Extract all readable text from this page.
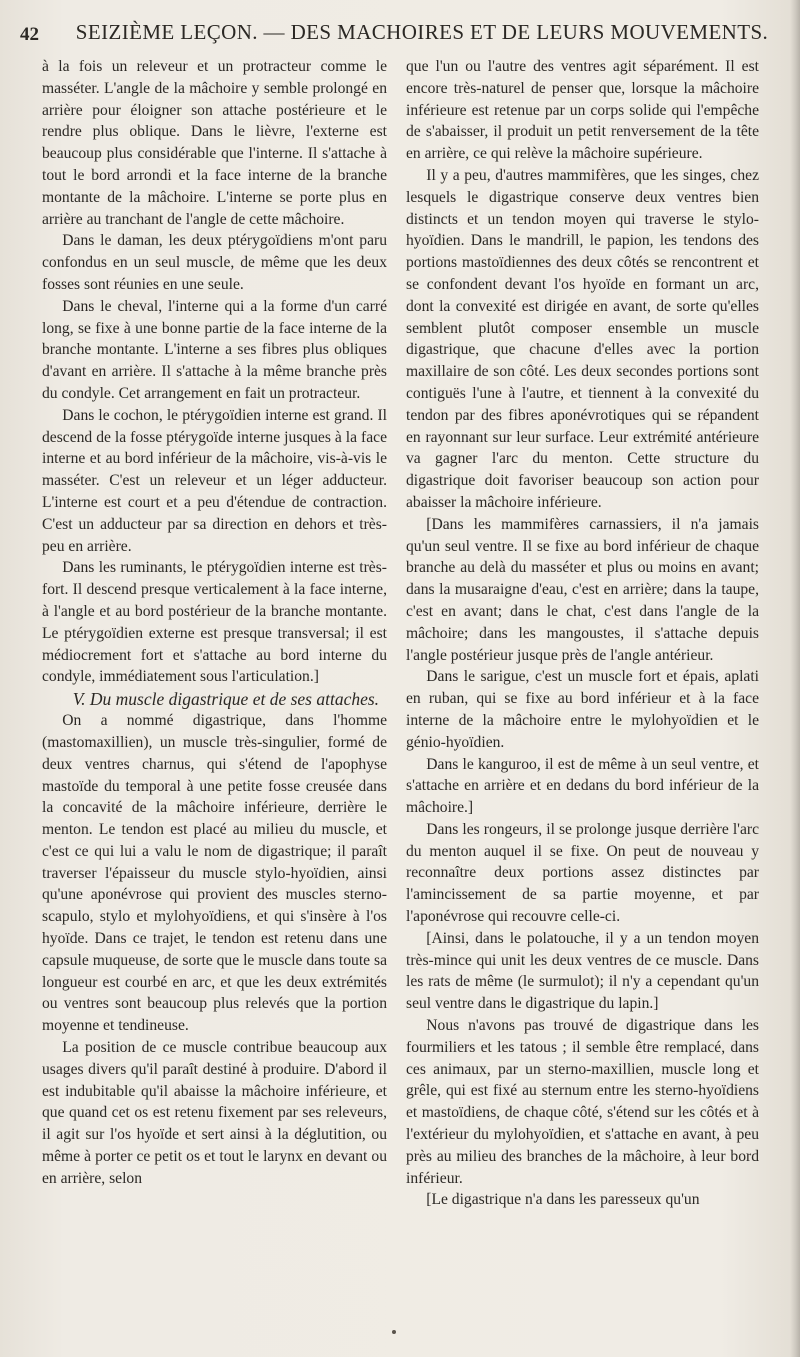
42	SEIZIÈME LEÇON. — DES MACHOIRES ET DE LEURS MOUVEMENTS.

à la fois un releveur et un protracteur comme le masséter. L'angle de la mâchoire y semble prolongé en arrière pour éloigner son attache postérieure et le rendre plus oblique. Dans le lièvre, l'externe est beaucoup plus considérable que l'interne. Il s'attache à tout le bord arrondi et la face interne de la branche montante de la mâchoire. L'interne se porte plus en arrière au tranchant de l'angle de cette mâchoire.

Dans le daman, les deux ptérygoïdiens m'ont paru confondus en un seul muscle, de même que les deux fosses sont réunies en une seule.

Dans le cheval, l'interne qui a la forme d'un carré long, se fixe à une bonne partie de la face interne de la branche montante. L'interne a ses fibres plus obliques d'avant en arrière. Il s'attache à la même branche près du condyle. Cet arrangement en fait un protracteur.

Dans le cochon, le ptérygoïdien interne est grand. Il descend de la fosse ptérygoïde interne jusques à la face interne et au bord inférieur de la mâchoire, vis-à-vis le masséter. C'est un releveur et un léger adducteur. L'interne est court et a peu d'étendue de contraction. C'est un adducteur par sa direction en dehors et très-peu en arrière.

Dans les ruminants, le ptérygoïdien interne est très-fort. Il descend presque verticalement à la face interne, à l'angle et au bord postérieur de la branche montante. Le ptérygoïdien externe est presque transversal; il est médiocrement fort et s'attache au bord interne du condyle, immédiatement sous l'articulation.]

V. Du muscle digastrique et de ses attaches.

On a nommé digastrique, dans l'homme (mastomaxillien), un muscle très-singulier, formé de deux ventres charnus, qui s'étend de l'apophyse mastoïde du temporal à une petite fosse creusée dans la concavité de la mâchoire inférieure, derrière le menton. Le tendon est placé au milieu du muscle, et c'est ce qui lui a valu le nom de digastrique; il paraît traverser l'épaisseur du muscle stylo-hyoïdien, ainsi qu'une aponévrose qui provient des muscles sterno-scapulo, stylo et mylohyoïdiens, et qui s'insère à l'os hyoïde. Dans ce trajet, le tendon est retenu dans une capsule muqueuse, de sorte que le muscle dans toute sa longueur est courbé en arc, et que les deux extrémités ou ventres sont beaucoup plus relevés que la portion moyenne et tendineuse.

La position de ce muscle contribue beaucoup aux usages divers qu'il paraît destiné à produire. D'abord il est indubitable qu'il abaisse la mâchoire inférieure, et que quand cet os est retenu fixement par ses releveurs, il agit sur l'os hyoïde et sert ainsi à la déglutition, ou même à porter ce petit os et tout le larynx en devant ou en arrière, selon

que l'un ou l'autre des ventres agit séparément. Il est encore très-naturel de penser que, lorsque la mâchoire inférieure est retenue par un corps solide qui l'empêche de s'abaisser, il produit un petit renversement de la tête en arrière, ce qui relève la mâchoire supérieure.

Il y a peu, d'autres mammifères, que les singes, chez lesquels le digastrique conserve deux ventres bien distincts et un tendon moyen qui traverse le stylo-hyoïdien. Dans le mandrill, le papion, les tendons des portions mastoïdiennes des deux côtés se rencontrent et se confondent devant l'os hyoïde en formant un arc, dont la convexité est dirigée en avant, de sorte qu'elles semblent plutôt composer ensemble un muscle digastrique, que chacune d'elles avec la portion maxillaire de son côté. Les deux secondes portions sont contiguës l'une à l'autre, et tiennent à la convexité du tendon par des fibres aponévrotiques qui se répandent en rayonnant sur leur surface. Leur extrémité antérieure va gagner l'arc du menton. Cette structure du digastrique doit favoriser beaucoup son action pour abaisser la mâchoire inférieure.

[Dans les mammifères carnassiers, il n'a jamais qu'un seul ventre. Il se fixe au bord inférieur de chaque branche au delà du masséter et plus ou moins en avant; dans la musaraigne d'eau, c'est en arrière; dans la taupe, c'est en avant; dans le chat, c'est dans l'angle de la mâchoire; dans les mangoustes, il s'attache depuis l'angle postérieur jusque près de l'angle antérieur.

Dans le sarigue, c'est un muscle fort et épais, aplati en ruban, qui se fixe au bord inférieur et à la face interne de la mâchoire entre le mylohyoïdien et le génio-hyoïdien.

Dans le kanguroo, il est de même à un seul ventre, et s'attache en arrière et en dedans du bord inférieur de la mâchoire.]

Dans les rongeurs, il se prolonge jusque derrière l'arc du menton auquel il se fixe. On peut de nouveau y reconnaître deux portions assez distinctes par l'amincissement de sa partie moyenne, et par l'aponévrose qui recouvre celle-ci.

[Ainsi, dans le polatouche, il y a un tendon moyen très-mince qui unit les deux ventres de ce muscle. Dans les rats de même (le surmulot); il n'y a cependant qu'un seul ventre dans le digastrique du lapin.]

Nous n'avons pas trouvé de digastrique dans les fourmiliers et les tatous ; il semble être remplacé, dans ces animaux, par un sterno-maxillien, muscle long et grêle, qui est fixé au sternum entre les sterno-hyoïdiens et mastoïdiens, de chaque côté, s'étend sur les côtés et à l'extérieur du mylohyoïdien, et s'attache en avant, à peu près au milieu des branches de la mâchoire, à leur bord inférieur.

[Le digastrique n'a dans les paresseux qu'un
